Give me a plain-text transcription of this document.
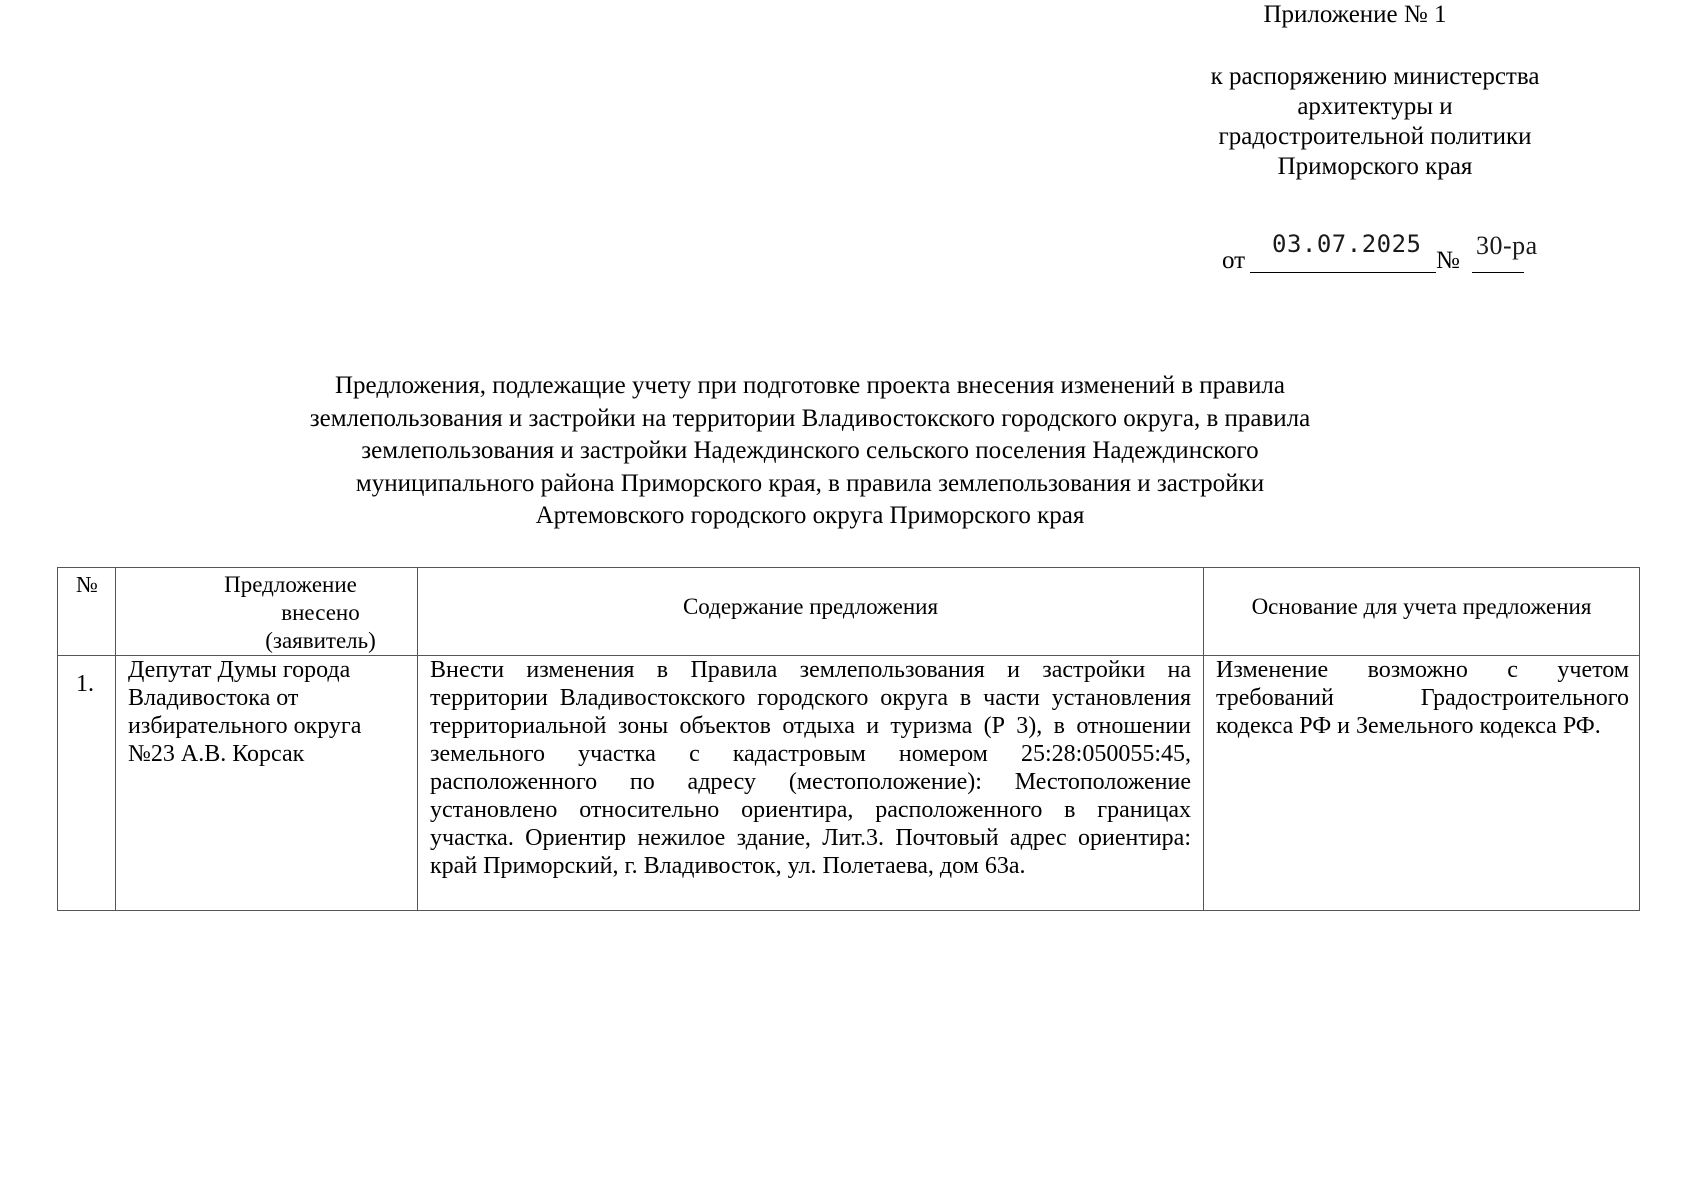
Приложение № 1
к распоряжению министерства
архитектуры и
градостроительной политики
Приморского края
от
03.07.2025
№
30-ра
Предложения, подлежащие учету при подготовке проекта внесения изменений в правила
землепользования и застройки на территории Владивостокского городского округа, в правила
землепользования и застройки Надеждинского сельского поселения Надеждинского
муниципального района Приморского края, в правила землепользования и застройки
Артемовского городского округа Приморского края
№	Предложение
внесено
(заявитель)	Содержание предложения	Основание для учета предложения
1.	Депутат Думы города Владивостока от избирательного округа №23 А.В. Корсак	Внести изменения в Правила землепользования и застройки на территории Владивостокского городского округа в части установления территориальной зоны объектов отдыха и туризма (Р 3), в отношении земельного участка с кадастровым номером 25:28:050055:45, расположенного по адресу (местоположение): Местоположение установлено относительно ориентира, расположенного в границах участка. Ориентир нежилое здание, Лит.3. Почтовый адрес ориентира: край Приморский, г. Владивосток, ул. Полетаева, дом 63а.	Изменение возможно с учетом требований Градостроительного кодекса РФ и Земельного кодекса РФ.
